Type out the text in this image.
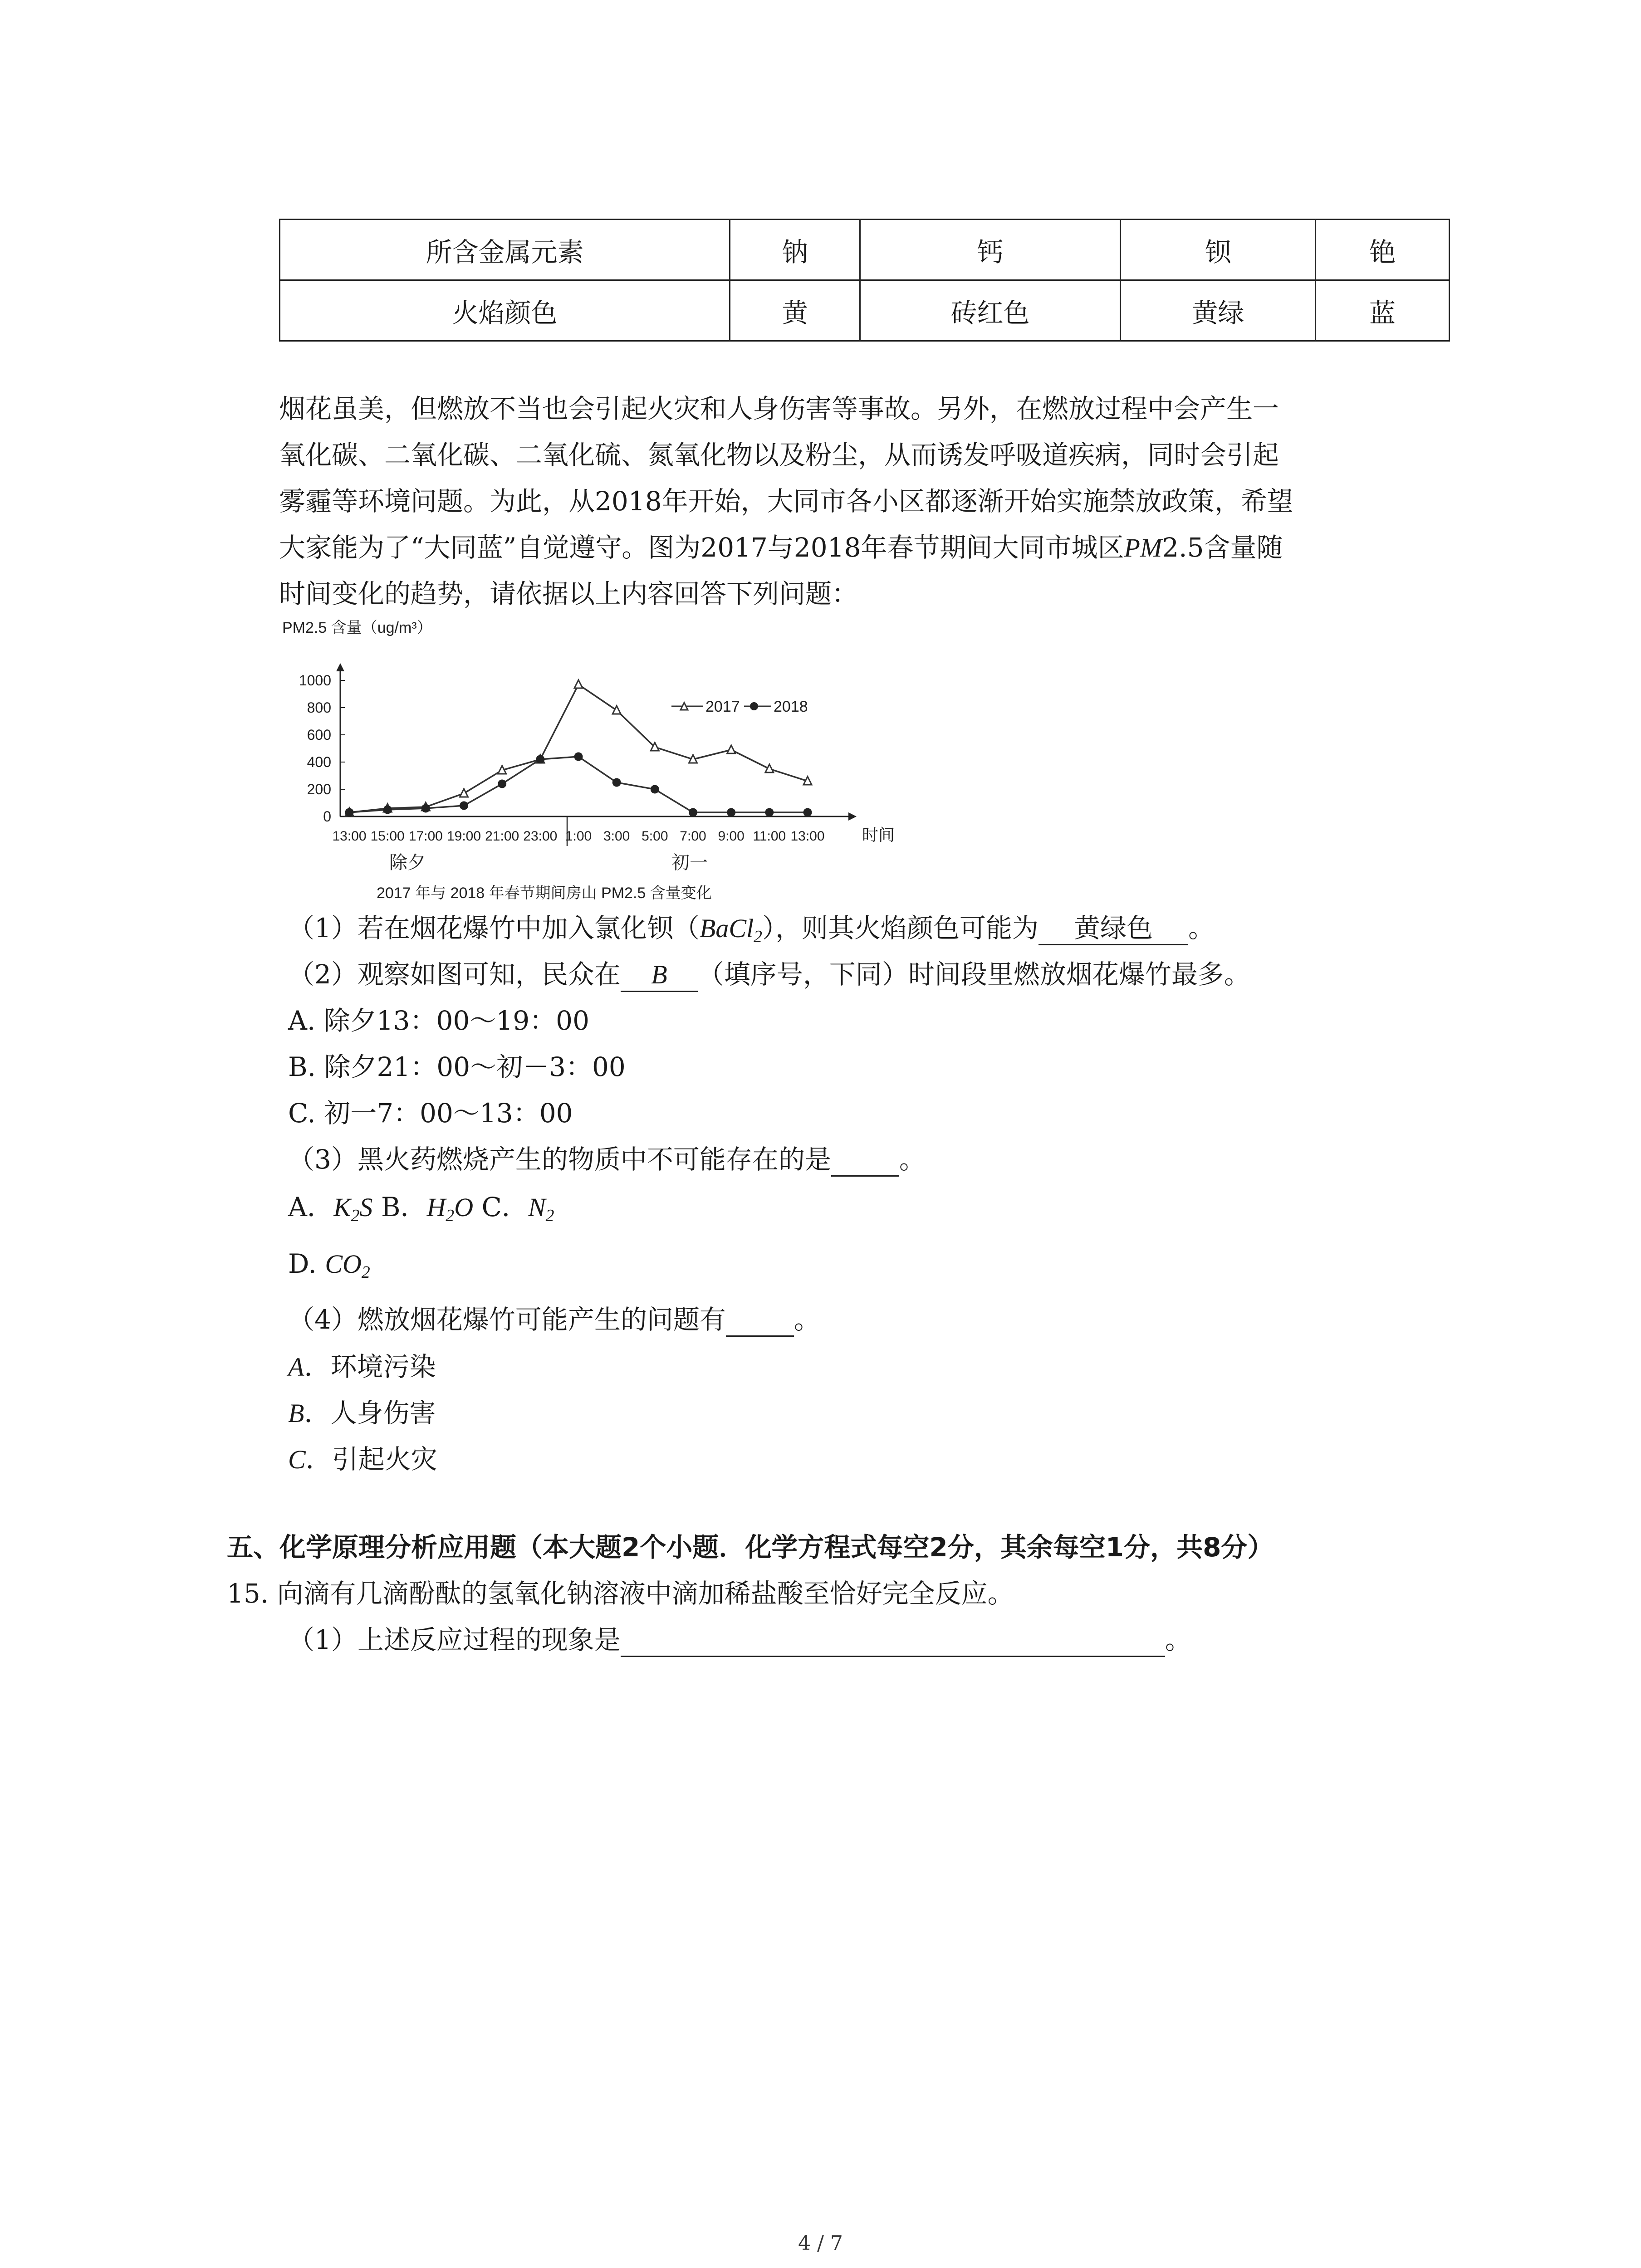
所含金属元素	钠	钙	钡	铯
火焰颜色	黄	砖红色	黄绿	蓝
烟花虽美，但燃放不当也会引起火灾和人身伤害等事故。另外，在燃放过程中会产生一
氧化碳、二氧化碳、二氧化硫、氮氧化物以及粉尘，从而诱发呼吸道疾病，同时会引起
雾霾等环境问题。为此，从2018年开始，大同市各小区都逐渐开始实施禁放政策，希望
大家能为了“大同蓝”自觉遵守。图为2017与2018年春节期间大同市城区PM2.5含量随
时间变化的趋势，请依据以上内容回答下列问题：
PM2.5 含量（ug/m³）
1000
800
600
400
200
0
13:00 15:00 17:00 19:00 21:00 23:00 1:00 3:00 5:00 7:00 9:00 11:00 13:00 时间
除夕	初一
2017 2018
2017 年与 2018 年春节期间房山 PM2.5 含量变化
（1）若在烟花爆竹中加入氯化钡（BaCl$_2$），则其火焰颜色可能为 黄绿色 。
（2）观察如图可知，民众在 B （填序号，下同）时间段里燃放烟花爆竹最多。
A. 除夕13：00～19：00
B. 除夕21：00～初－3：00
C. 初一7：00～13：00
（3）黑火药燃烧产生的物质中不可能存在的是	。
A．$K_2S$ B．$H_2O$ C．$N_2$
D. $CO_2$
（4）燃放烟花爆竹可能产生的问题有	。
A．环境污染
B．人身伤害
C．引起火灾
五、化学原理分析应用题（本大题2个小题．化学方程式每空2分，其余每空1分，共8分）
15. 向滴有几滴酚酞的氢氧化钠溶液中滴加稀盐酸至恰好完全反应。
（1）上述反应过程的现象是	。
4 / 7
